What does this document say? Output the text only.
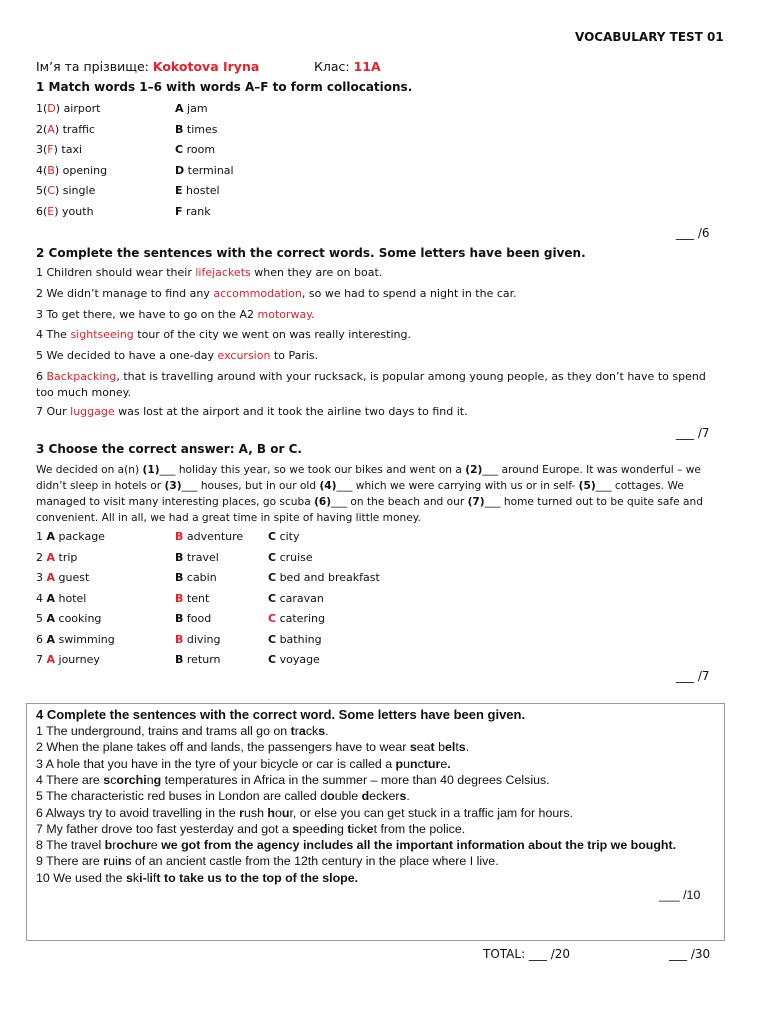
VOCABULARY TEST 01
Ім’я та прізвище: Kokotova Iryna	Клас: 11A
1 Match words 1–6 with words A–F to form collocations.
1(D) airport	A jam
2(A) traffic	B times
3(F) taxi	C room
4(B) opening	D terminal
5(C) single	E hostel
6(E) youth	F rank
___ /6
2 Complete the sentences with the correct words. Some letters have been given.
1 Children should wear their lifejackets when they are on boat.
2 We didn’t manage to find any accommodation, so we had to spend a night in the car.
3 To get there, we have to go on the A2 motorway.
4 The sightseeing tour of the city we went on was really interesting.
5 We decided to have a one-day excursion to Paris.
6 Backpacking, that is travelling around with your rucksack, is popular among young people, as they don’t have to spend too much money.
7 Our luggage was lost at the airport and it took the airline two days to find it.
___ /7
3 Choose the correct answer: A, B or C.
We decided on a(n) (1)___ holiday this year, so we took our bikes and went on a (2)___ around Europe. It was wonderful – we didn’t sleep in hotels or (3)___ houses, but in our old (4)___ which we were carrying with us or in self- (5)___ cottages. We managed to visit many interesting places, go scuba (6)___ on the beach and our (7)___ home turned out to be quite safe and convenient. All in all, we had a great time in spite of having little money.
1 A package	B adventure C city
2 A trip	B travel	C cruise
3 A guest	B cabin	C bed and breakfast
4 A hotel	B tent	C caravan
5 A cooking	B food	C catering
6 A swimming	B diving	C bathing
7 A journey	B return	C voyage
___ /7
4 Complete the sentences with the correct word. Some letters have been given.
1 The underground, trains and trams all go on tracks.
2 When the plane takes off and lands, the passengers have to wear seat belts.
3 A hole that you have in the tyre of your bicycle or car is called a puncture.
4 There are scorching temperatures in Africa in the summer – more than 40 degrees Celsius.
5 The characteristic red buses in London are called double deckers.
6 Always try to avoid travelling in the rush hour, or else you can get stuck in a traffic jam for hours.
7 My father drove too fast yesterday and got a speeding ticket from the police.
8 The travel brochure we got from the agency includes all the important information about the trip we bought.
9 There are ruins of an ancient castle from the 12th century in the place where I live.
10 We used the ski-lift to take us to the top of the slope.
___ /10
TOTAL: ___ /20	___ /30
